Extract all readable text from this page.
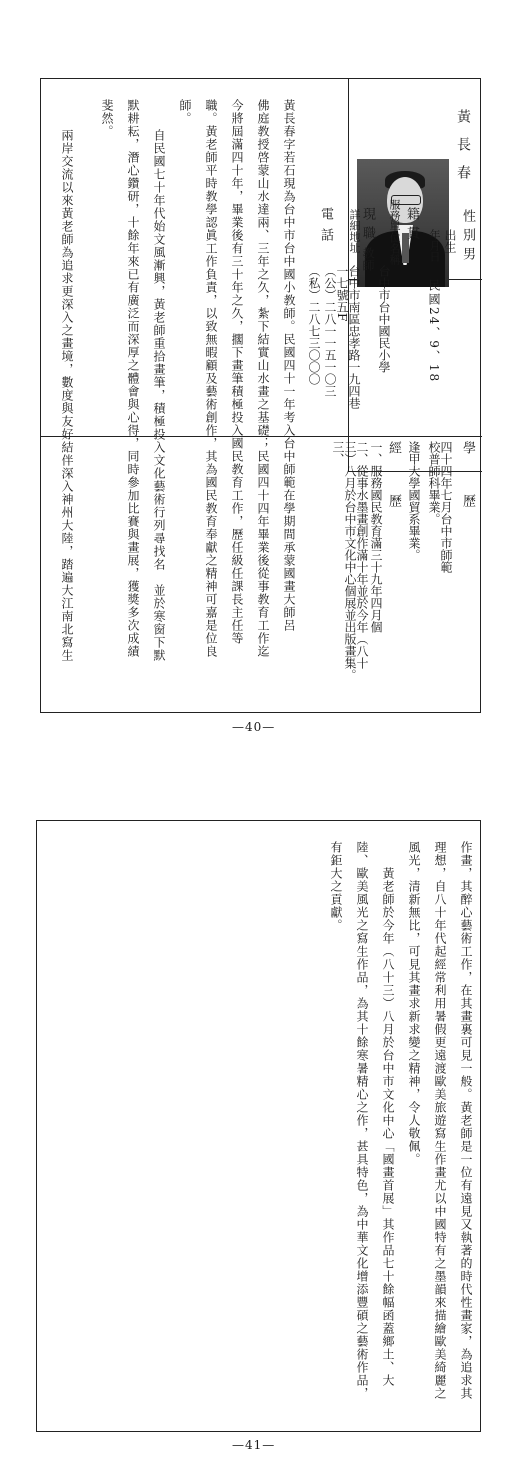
黃長春
性別
男
出生
年月日
民國24、9、18
籍貫
服務單位名稱
台中市台中國民小學
現職
教師
詳細地址
台中市南區忠孝路一九四巷一七號五F
電話
（公）二八一一五一〇三
（私）二八七三〇〇〇
學歷
四十四年七月台中市師範校普師科畢業。
逢甲大學國貿系畢業。
經歷
一、服務國民教育滿三十九年四月個
二、從事水墨畫創作滿十年並於今年（八十三）八月於台中市文化中心個展並出版畫集。三、
黃長春字若石現為台中市台中國小教師。民國四十一年考入台中師範在學期間承蒙國畫大師呂
佛庭教授啓蒙山水達兩、三年之久，紮下結實山水畫之基礎；民國四十四年畢業後從事教育工作迄
今將屆滿四十年，畢業後有三十年之久，擱下畫筆積極投入國民教育工作，歷任級任課長主任等
職。黃老師平時教學認眞工作負責，以致無暇顧及藝術創作，其為國民教育奉獻之精神可嘉是位良
師。
自民國七十年代始文風漸興，黃老師重拾畫筆，積極投入文化藝術行列尋找名　並於寒窗下默
默耕耘，潛心鑽研，十餘年來已有廣泛而深厚之體會與心得，同時參加比賽與畫展，獲獎多次成績
斐然。
兩岸交流以來黃老師為追求更深入之畫境，數度與友好結伴深入神州大陸，踏遍大江南北寫生
—40—
作畫，其醉心藝術工作，在其畫裏可見一般。黃老師是一位有遠見又執著的時代性畫家，為追求其
理想，自八十年代起經常利用暑假更遠渡歐美旅遊寫生作畫尤以中國特有之墨韻來描繪歐美綺麗之
風光，清新無比，可見其畫求新求變之精神，令人敬佩。
黃老師於今年（八十三）八月於台中市文化中心「國畫首展」其作品七十餘幅函蓋鄉土、大
陸、歐美風光之寫生作品，為其十餘寒暑精心之作，甚具特色，為中華文化增添豐碩之藝術作品，
有鉅大之貢獻。
—41—
